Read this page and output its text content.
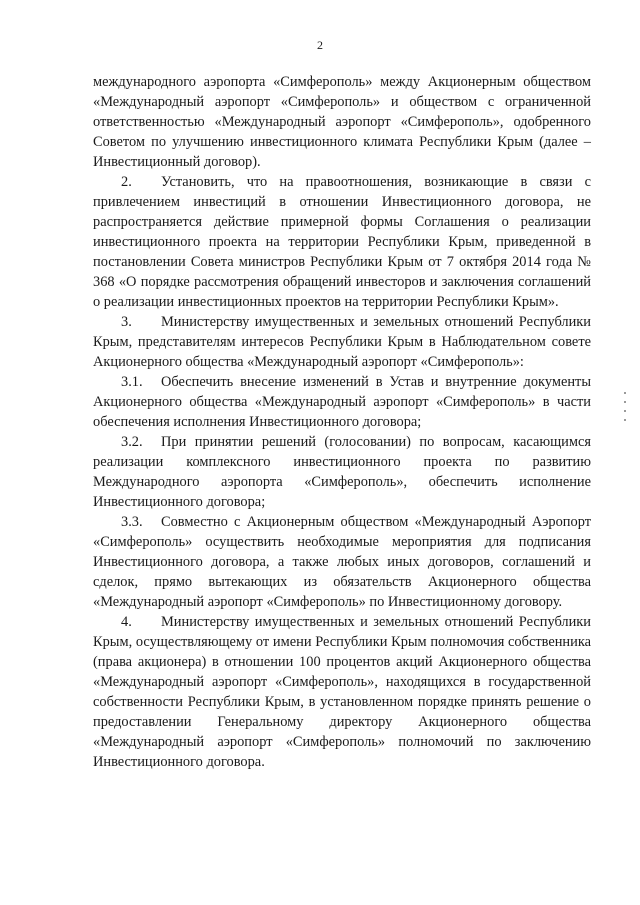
2

международного аэропорта «Симферополь» между Акционерным обществом «Международный аэропорт «Симферополь» и обществом с ограниченной ответственностью «Международный аэропорт «Симферополь», одобренного Советом по улучшению инвестиционного климата Республики Крым (далее – Инвестиционный договор).

2. Установить, что на правоотношения, возникающие в связи с привлечением инвестиций в отношении Инвестиционного договора, не распространяется действие примерной формы Соглашения о реализации инвестиционного проекта на территории Республики Крым, приведенной в постановлении Совета министров Республики Крым от 7 октября 2014 года № 368 «О порядке рассмотрения обращений инвесторов и заключения соглашений о реализации инвестиционных проектов на территории Республики Крым».

3. Министерству имущественных и земельных отношений Республики Крым, представителям интересов Республики Крым в Наблюдательном совете Акционерного общества «Международный аэропорт «Симферополь»:

3.1. Обеспечить внесение изменений в Устав и внутренние документы Акционерного общества «Международный аэропорт «Симферополь» в части обеспечения исполнения Инвестиционного договора;

3.2. При принятии решений (голосовании) по вопросам, касающимся реализации комплексного инвестиционного проекта по развитию Международного аэропорта «Симферополь», обеспечить исполнение Инвестиционного договора;

3.3. Совместно с Акционерным обществом «Международный Аэропорт «Симферополь» осуществить необходимые мероприятия для подписания Инвестиционного договора, а также любых иных договоров, соглашений и сделок, прямо вытекающих из обязательств Акционерного общества «Международный аэропорт «Симферополь» по Инвестиционному договору.

4. Министерству имущественных и земельных отношений Республики Крым, осуществляющему от имени Республики Крым полномочия собственника (права акционера) в отношении 100 процентов акций Акционерного общества «Международный аэропорт «Симферополь», находящихся в государственной собственности Республики Крым, в установленном порядке принять решение о предоставлении Генеральному директору Акционерного общества «Международный аэропорт «Симферополь» полномочий по заключению Инвестиционного договора.
